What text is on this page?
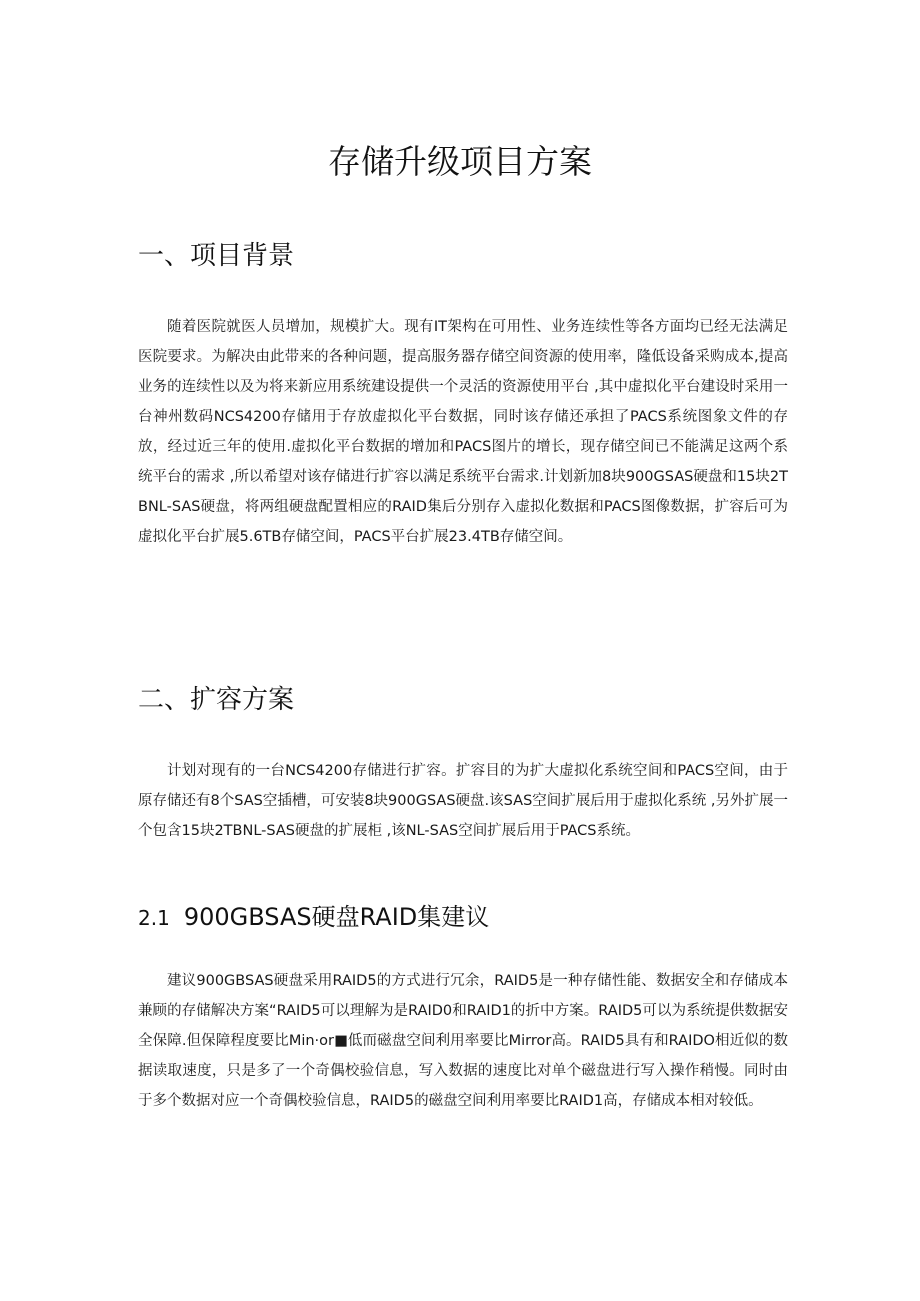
存储升级项目方案
一、项目背景

随着医院就医人员增加，规模扩大。现有IT架构在可用性、业务连续性等各方面均已经无法满足医院要求。为解决由此带来的各种问题，提高服务器存储空间资源的使用率，隆低设备采购成本,提高业务的连续性以及为将来新应用系统建设提供一个灵活的资源使用平台 ,其中虚拟化平台建设时采用一台神州数码NCS4200存储用于存放虚拟化平台数据，同时该存储还承担了PACS系统图象文件的存放，经过近三年的使用.虚拟化平台数据的增加和PACS图片的增长，现存储空间已不能满足这两个系统平台的需求 ,所以希望对该存储进行扩容以满足系统平台需求.计划新加8块900GSAS硬盘和15块2TBNL-SAS硬盘，将两组硬盘配置相应的RAID集后分别存入虚拟化数据和PACS图像数据，扩容后可为虚拟化平台扩展5.6TB存储空间，PACS平台扩展23.4TB存储空间。

二、扩容方案

计划对现有的一台NCS4200存储进行扩容。扩容目的为扩大虚拟化系统空间和PACS空间，由于原存储还有8个SAS空插槽，可安装8块900GSAS硬盘.该SAS空间扩展后用于虚拟化系统 ,另外扩展一个包含15块2TBNL-SAS硬盘的扩展柜 ,该NL-SAS空间扩展后用于PACS系统。

2.1 900GBSAS硬盘RAID集建议

建议900GBSAS硬盘采用RAID5的方式进行冗余，RAID5是一种存储性能、数据安全和存储成本兼顾的存储解决方案“RAID5可以理解为是RAID0和RAID1的折中方案。RAID5可以为系统提供数据安全保障.但保障程度要比Min·or■低而磁盘空间利用率要比Mirror高。RAID5具有和RAIDO相近似的数据读取速度，只是多了一个奇偶校验信息，写入数据的速度比对单个磁盘进行写入操作稍慢。同时由于多个数据对应一个奇偶校验信息，RAID5的磁盘空间利用率要比RAID1高，存储成本相对较低。
